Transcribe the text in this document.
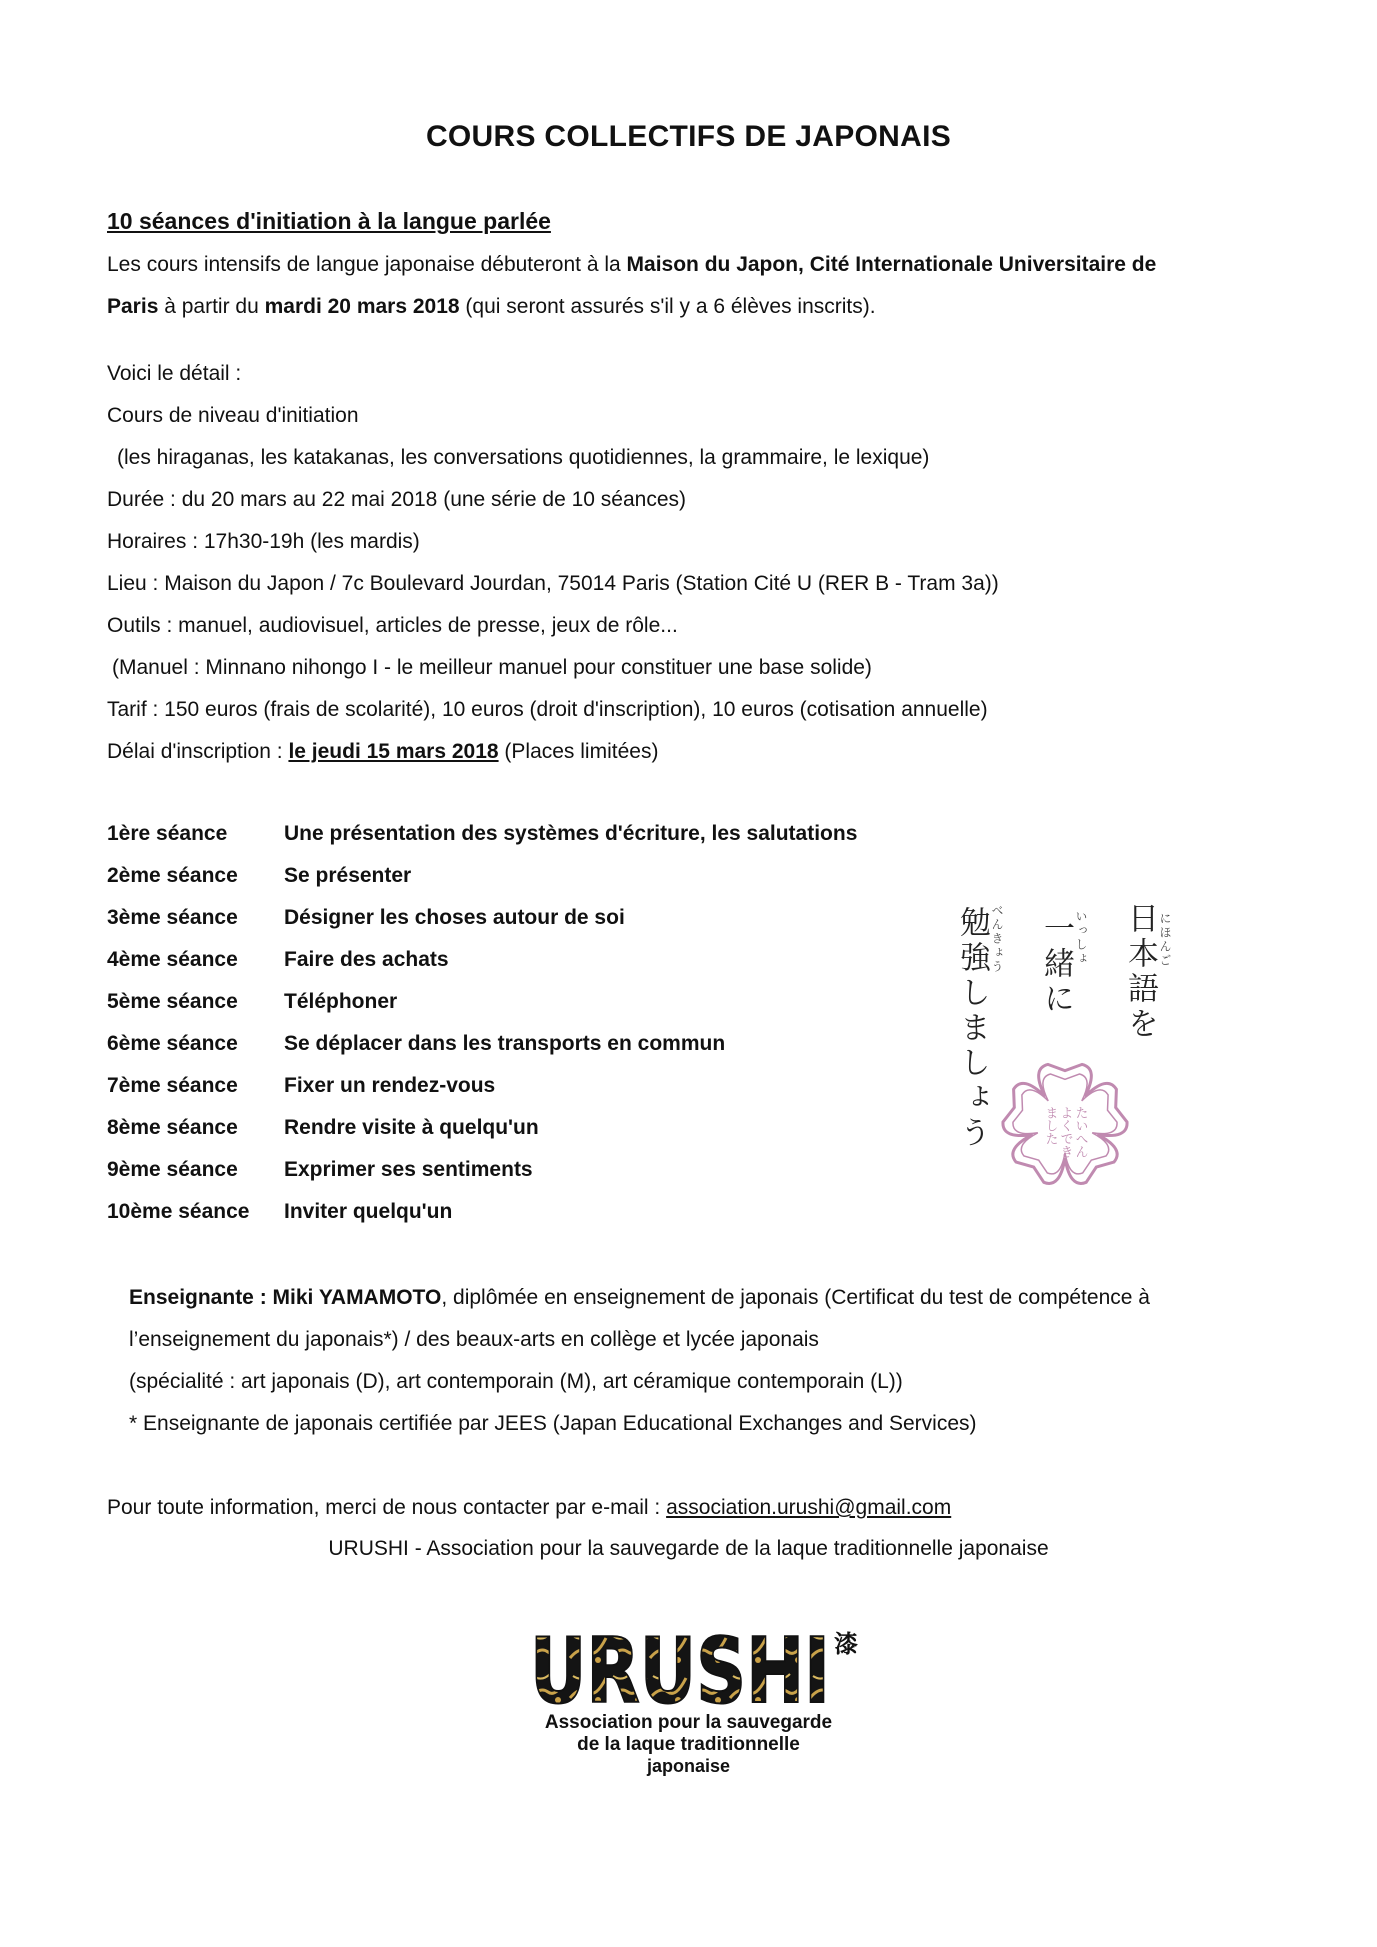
COURS COLLECTIFS DE JAPONAIS
10 séances d'initiation à la langue parlée
Les cours intensifs de langue japonaise débuteront à la Maison du Japon, Cité Internationale Universitaire de
Paris à partir du mardi 20 mars 2018 (qui seront assurés s'il y a 6 élèves inscrits).
Voici le détail :
Cours de niveau d'initiation
(les hiraganas, les katakanas, les conversations quotidiennes, la grammaire, le lexique)
Durée : du 20 mars au 22 mai 2018 (une série de 10 séances)
Horaires : 17h30-19h (les mardis)
Lieu : Maison du Japon / 7c Boulevard Jourdan, 75014 Paris (Station Cité U (RER B - Tram 3a))
Outils : manuel, audiovisuel, articles de presse, jeux de rôle...
(Manuel : Minnano nihongo I - le meilleur manuel pour constituer une base solide)
Tarif : 150 euros (frais de scolarité), 10 euros (droit d'inscription), 10 euros (cotisation annuelle)
Délai d'inscription : le jeudi 15 mars 2018 (Places limitées)
1ère séance	Une présentation des systèmes d'écriture, les salutations
2ème séance Se présenter
3ème séance Désigner les choses autour de soi
4ème séance Faire des achats
5ème séance Téléphoner
6ème séance Se déplacer dans les transports en commun
7ème séance Fixer un rendez-vous
8ème séance Rendre visite à quelqu'un
9ème séance Exprimer ses sentiments
10ème séance Inviter quelqu'un
日本語を にほんご
一緒に いっしょ
勉強しましょう べんきょう
たいへん
よくでき
ました
Enseignante : Miki YAMAMOTO, diplômée en enseignement de japonais (Certificat du test de compétence à
l’enseignement du japonais*) / des beaux-arts en collège et lycée japonais
(spécialité : art japonais (D), art contemporain (M), art céramique contemporain (L))
* Enseignante de japonais certifiée par JEES (Japan Educational Exchanges and Services)
Pour toute information, merci de nous contacter par e-mail : association.urushi@gmail.com
URUSHI - Association pour la sauvegarde de la laque traditionnelle japonaise
URUSHI 漆
Association pour la sauvegarde
de la laque traditionnelle
japonaise
